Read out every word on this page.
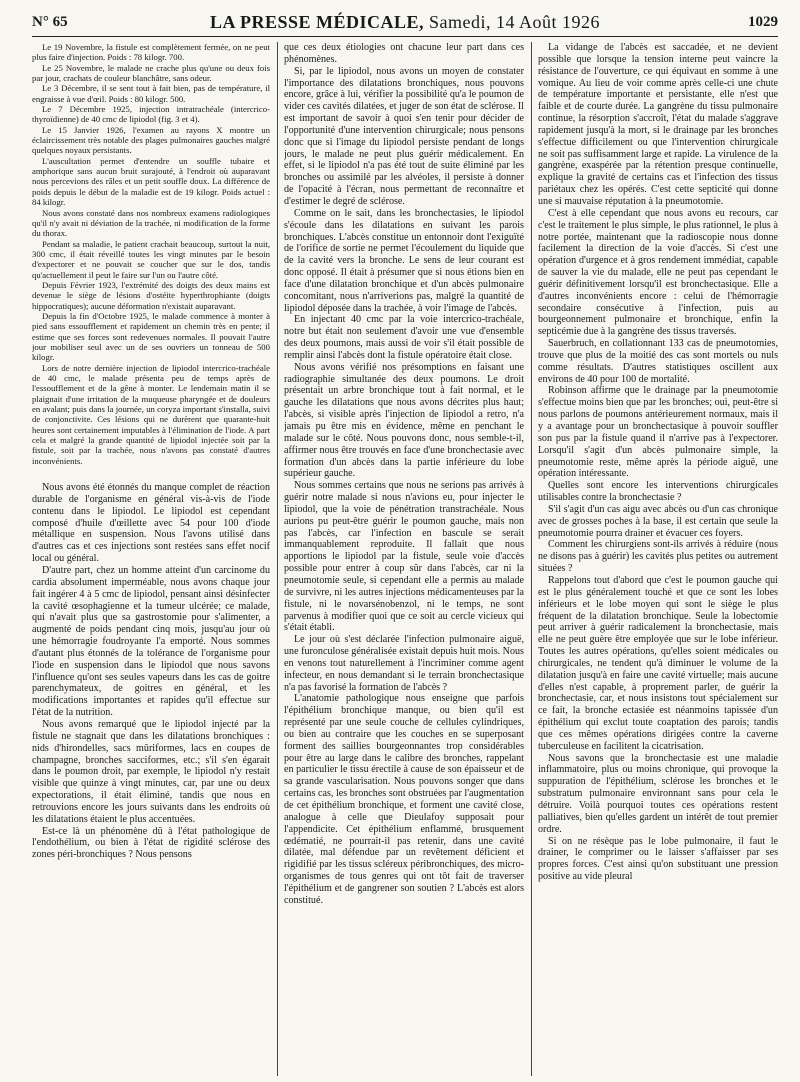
N° 65	LA PRESSE MÉDICALE, Samedi, 14 Août 1926	1029

Le 19 Novembre, la fistule est complètement fermée, on ne peut plus faire d'injection. Poids : 78 kilogr. 700.

Le 25 Novembre, le malade ne crache plus qu'une ou deux fois par jour, crachats de couleur blanchâtre, sans odeur.

Le 3 Décembre, il se sent tout à fait bien, pas de température, il engraisse à vue d'œil. Poids : 80 kilogr. 500.

Le 7 Décembre 1925, injection intratrachéale (intercrico-thyroïdienne) de 40 cmc de lipiodol (fig. 3 et 4).

Le 15 Janvier 1926, l'examen au rayons X montre un éclaircissement très notable des plages pulmonaires gauches malgré quelques noyaux persistants.

L'auscultation permet d'entendre un souffle tubaire et amphorique sans aucun bruit surajouté, à l'endroit où auparavant nous percevions des râles et un petit souffle doux. La différence de poids depuis le début de la maladie est de 19 kilogr. Poids actuel : 84 kilogr.

Nous avons constaté dans nos nombreux examens radiologiques qu'il n'y avait ni déviation de la trachée, ni modification de la forme du thorax.

Pendant sa maladie, le patient crachait beaucoup, surtout la nuit, 300 cmc, il était réveillé toutes les vingt minutes par le besoin d'expectorer et ne pouvait se coucher que sur le dos, tandis qu'actuellement il peut le faire sur l'un ou l'autre côté.

Depuis Février 1923, l'extrémité des doigts des deux mains est devenue le siège de lésions d'ostéite hyperthrophiante (doigts hippocratiques); aucune déformation n'existait auparavant.

Depuis la fin d'Octobre 1925, le malade commence à monter à pied sans essoufflement et rapidement un chemin très en pente; il estime que ses forces sont redevenues normales. Il pouvait l'autre jour mobiliser seul avec un de ses ouvriers un tonneau de 500 kilogr.

Lors de notre dernière injection de lipiodol intercrico-trachéale de 40 cmc, le malade présenta peu de temps après de l'essoufflement et de la gêne à monter. Le lendemain matin il se plaignait d'une irritation de la muqueuse pharyngée et de douleurs en avalant; puis dans la journée, un coryza important s'installa, suivi de conjonctivite. Ces lésions qui ne durèrent que quarante-huit heures sont certainement imputables à l'élimination de l'iode. A part cela et malgré la grande quantité de lipiodol injectée soit par la fistule, soit par la trachée, nous n'avons pas constaté d'autres inconvénients.

Nous avons été étonnés du manque complet de réaction durable de l'organisme en général vis-à-vis de l'iode contenu dans le lipiodol. Le lipiodol est cependant composé d'huile d'œillette avec 54 pour 100 d'iode métallique en suspension. Nous l'avons utilisé dans d'autres cas et ces injections sont restées sans effet nocif local ou général.

D'autre part, chez un homme atteint d'un carcinome du cardia absolument imperméable, nous avons chaque jour fait ingérer 4 à 5 cmc de lipiodol, pensant ainsi désinfecter la cavité œsophagienne et la tumeur ulcérée; ce malade, qui n'avait plus que sa gastrostomie pour s'alimenter, a augmenté de poids pendant cinq mois, jusqu'au jour où une hémorragie foudroyante l'a emporté. Nous sommes d'autant plus étonnés de la tolérance de l'organisme pour l'iode en suspension dans le lipiodol que nous savons l'influence qu'ont ses seules vapeurs dans les cas de goitre parenchymateux, de goitres en général, et les modifications importantes et rapides qu'il effectue sur l'état de la nutrition.

Nous avons remarqué que le lipiodol injecté par la fistule ne stagnait que dans les dilatations bronchiques : nids d'hirondelles, sacs mûriformes, lacs en coupes de champagne, bronches sacciformes, etc.; s'il s'en égarait dans le poumon droit, par exemple, le lipiodol n'y restait visible que quinze à vingt minutes, car, par une ou deux expectorations, il était éliminé, tandis que nous en retrouvions encore les jours suivants dans les endroits où les dilatations étaient le plus accentuées.

Est-ce là un phénomène dû à l'état pathologique de l'endothélium, ou bien à l'état de rigidité sclérose des zones péri-bronchiques ? Nous pensons

que ces deux étiologies ont chacune leur part dans ces phénomènes.

Si, par le lipiodol, nous avons un moyen de constater l'importance des dilatations bronchiques, nous pouvons encore, grâce à lui, vérifier la possibilité qu'a le poumon de vider ces cavités dilatées, et juger de son état de sclérose. Il est important de savoir à quoi s'en tenir pour décider de l'opportunité d'une intervention chirurgicale; nous pensons donc que si l'image du lipiodol persiste pendant de longs jours, le malade ne peut plus guérir médicalement. En effet, si le lipiodol n'a pas été tout de suite éliminé par les bronches ou assimilé par les alvéoles, il persiste à donner de l'opacité à l'écran, nous permettant de reconnaître et d'estimer le degré de sclérose.

Comme on le sait, dans les bronchectasies, le lipiodol s'écoule dans les dilatations en suivant les parois bronchiques. L'abcès constitue un entonnoir dont l'exiguïté de l'orifice de sortie ne permet l'écoulement du liquide que de la cavité vers la bronche. Le sens de leur courant est donc opposé. Il était à présumer que si nous étions bien en face d'une dilatation bronchique et d'un abcès pulmonaire concomitant, nous n'arriverions pas, malgré la quantité de lipiodol déposée dans la trachée, à voir l'image de l'abcès.

En injectant 40 cmc par la voie intercrico-trachéale, notre but était non seulement d'avoir une vue d'ensemble des deux poumons, mais aussi de voir s'il était possible de remplir ainsi l'abcès dont la fistule opératoire était close.

Nous avons vérifié nos présomptions en faisant une radiographie simultanée des deux poumons. Le droit présentait un arbre bronchique tout à fait normal, et le gauche les dilatations que nous avons décrites plus haut; l'abcès, si visible après l'injection de lipiodol a retro, n'a jamais pu être mis en évidence, même en penchant le malade sur le côté. Nous pouvons donc, nous semble-t-il, affirmer nous être trouvés en face d'une bronchectasie avec formation d'un abcès dans la partie inférieure du lobe supérieur gauche.

Nous sommes certains que nous ne serions pas arrivés à guérir notre malade si nous n'avions eu, pour injecter le lipiodol, que la voie de pénétration transtrachéale. Nous aurions pu peut-être guérir le poumon gauche, mais non pas l'abcès, car l'infection en bascule se serait immanquablement reproduite. Il fallait que nous apportions le lipiodol par la fistule, seule voie d'accès possible pour entrer à coup sûr dans l'abcès, car ni la pneumotomie seule, si cependant elle a permis au malade de survivre, ni les autres injections médicamenteuses par la fistule, ni le novarsénobenzol, ni le temps, ne sont parvenus à modifier quoi que ce soit au cercle vicieux qui s'était établi.

Le jour où s'est déclarée l'infection pulmonaire aiguë, une furonculose généralisée existait depuis huit mois. Nous en venons tout naturellement à l'incriminer comme agent infecteur, en nous demandant si le terrain bronchectasique n'a pas favorisé la formation de l'abcès ?

L'anatomie pathologique nous enseigne que parfois l'épithélium bronchique manque, ou bien qu'il est représenté par une seule couche de cellules cylindriques, ou bien au contraire que les couches en se superposant forment des saillies bourgeonnantes trop considérables pour être au large dans le calibre des bronches, rappelant en particulier le tissu érectile à cause de son épaisseur et de sa grande vascularisation. Nous pouvons songer que dans certains cas, les bronches sont obstruées par l'augmentation de cet épithélium bronchique, et forment une cavité close, analogue à celle que Dieulafoy supposait pour l'appendicite. Cet épithélium enflammé, brusquement œdématié, ne pourrait-il pas retenir, dans une cavité dilatée, mal défendue par un revêtement déficient et rigidifié par les tissus scléreux péribronchiques, des micro-organismes de tous genres qui ont tôt fait de traverser l'épithélium et de gangrener son soutien ? L'abcès est alors constitué.

La vidange de l'abcès est saccadée, et ne devient possible que lorsque la tension interne peut vaincre la résistance de l'ouverture, ce qui équivaut en somme à une vomique. Au lieu de voir comme après celle-ci une chute de température importante et persistante, elle n'est que faible et de courte durée. La gangrène du tissu pulmonaire continue, la résorption s'accroît, l'état du malade s'aggrave rapidement jusqu'à la mort, si le drainage par les bronches s'effectue difficilement ou que l'intervention chirurgicale ne soit pas suffisamment large et rapide. La virulence de la gangrène, exaspérée par la rétention presque continuelle, explique la gravité de certains cas et l'infection des tissus pariétaux chez les opérés. C'est cette septicité qui donne une si mauvaise réputation à la pneumotomie.

C'est à elle cependant que nous avons eu recours, car c'est le traitement le plus simple, le plus rationnel, le plus à notre portée, maintenant que la radioscopie nous donne facilement la direction de la voie d'accès. Si c'est une opération d'urgence et à gros rendement immédiat, capable de sauver la vie du malade, elle ne peut pas cependant le guérir définitivement lorsqu'il est bronchectasique. Elle a d'autres inconvénients encore : celui de l'hémorragie secondaire consécutive à l'infection, puis au bourgeonnement pulmonaire et bronchique, enfin la septicémie due à la gangrène des tissus traversés.

Sauerbruch, en collationnant 133 cas de pneumotomies, trouve que plus de la moitié des cas sont mortels ou nuls comme résultats. D'autres statistiques oscillent aux environs de 40 pour 100 de mortalité.

Robinson affirme que le drainage par la pneumotomie s'effectue moins bien que par les bronches; oui, peut-être si nous parlons de poumons antérieurement normaux, mais il y a avantage pour un bronchectasique à pouvoir souffler son pus par la fistule quand il n'arrive pas à l'expectorer. Lorsqu'il s'agit d'un abcès pulmonaire simple, la pneumotomie reste, même après la période aiguë, une opération intéressante.

Quelles sont encore les interventions chirurgicales utilisables contre la bronchectasie ?

S'il s'agit d'un cas aigu avec abcès ou d'un cas chronique avec de grosses poches à la base, il est certain que seule la pneumotomie pourra drainer et évacuer ces foyers.

Comment les chirurgiens sont-ils arrivés à réduire (nous ne disons pas à guérir) les cavités plus petites ou autrement situées ?

Rappelons tout d'abord que c'est le poumon gauche qui est le plus généralement touché et que ce sont les lobes inférieurs et le lobe moyen qui sont le siège le plus fréquent de la dilatation bronchique. Seule la lobectomie peut arriver à guérir radicalement la bronchectasie, mais elle ne peut guère être employée que sur le lobe inférieur. Toutes les autres opérations, qu'elles soient médicales ou chirurgicales, ne tendent qu'à diminuer le volume de la dilatation jusqu'à en faire une cavité virtuelle; mais aucune d'elles n'est capable, à proprement parler, de guérir la bronchectasie, car, et nous insistons tout spécialement sur ce fait, la bronche ectasiée est néanmoins tapissée d'un épithélium qui exclut toute coaptation des parois; tandis que ces mêmes opérations dirigées contre la caverne tuberculeuse en facilitent la cicatrisation.

Nous savons que la bronchectasie est une maladie inflammatoire, plus ou moins chronique, qui provoque la suppuration de l'épithélium, sclérose les bronches et le substratum pulmonaire environnant sans pour cela le détruire. Voilà pourquoi toutes ces opérations restent palliatives, bien qu'elles gardent un intérêt de tout premier ordre.

Si on ne résèque pas le lobe pulmonaire, il faut le drainer, le comprimer ou le laisser s'affaisser par ses propres forces. C'est ainsi qu'on substituant une pression positive au vide pleural
